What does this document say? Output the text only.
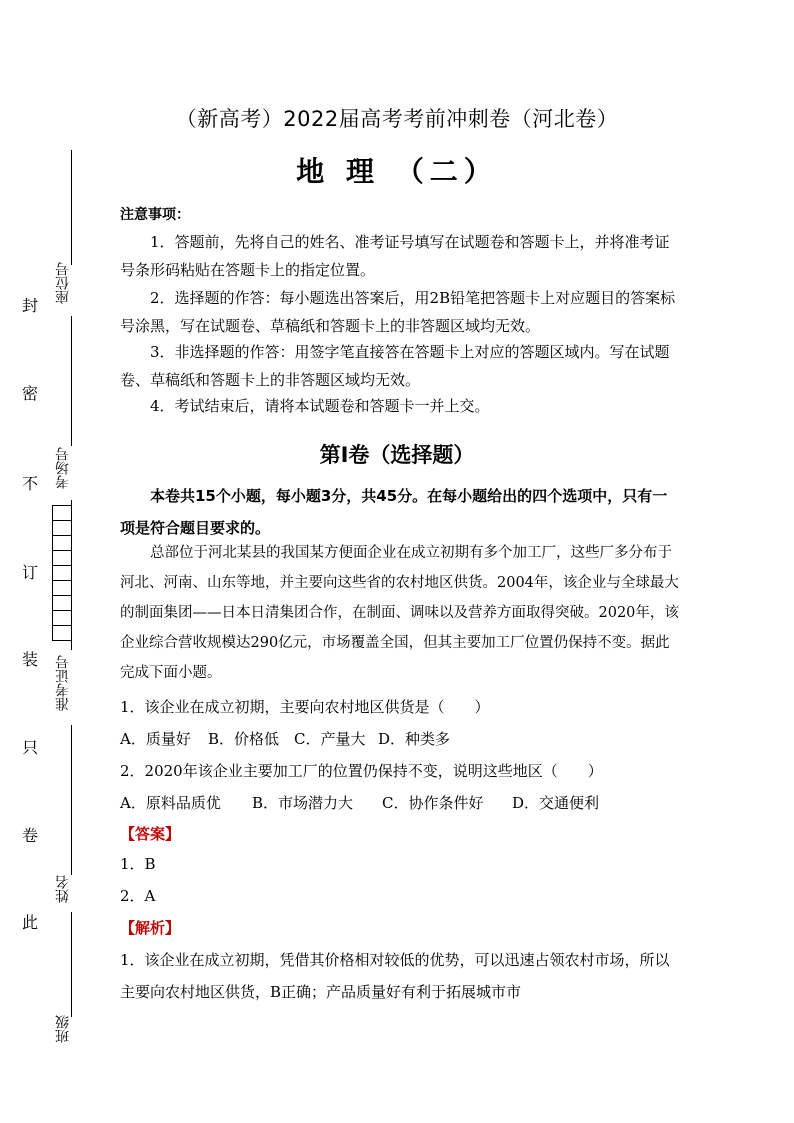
封
密
不
订
装
只
卷
此
座位号
考场号
准考证号
姓名
班级
（新高考）2022届高考考前冲刺卷（河北卷）
地 理 （二）
注意事项：
1．答题前，先将自己的姓名、准考证号填写在试题卷和答题卡上，并将准考证号条形码粘贴在答题卡上的指定位置。
2．选择题的作答：每小题选出答案后，用2B铅笔把答题卡上对应题目的答案标号涂黑，写在试题卷、草稿纸和答题卡上的非答题区域均无效。
3．非选择题的作答：用签字笔直接答在答题卡上对应的答题区域内。写在试题卷、草稿纸和答题卡上的非答题区域均无效。
4．考试结束后，请将本试题卷和答题卡一并上交。
第Ⅰ卷（选择题）
本卷共15个小题，每小题3分，共45分。在每小题给出的四个选项中，只有一项是符合题目要求的。
总部位于河北某县的我国某方便面企业在成立初期有多个加工厂，这些厂多分布于河北、河南、山东等地，并主要向这些省的农村地区供货。2004年，该企业与全球最大的制面集团——日本日清集团合作，在制面、调味以及营养方面取得突破。2020年，该企业综合营收规模达290亿元，市场覆盖全国，但其主要加工厂位置仍保持不变。据此完成下面小题。
1．该企业在成立初期，主要向农村地区供货是（　　）
A．质量好 B．价格低 C．产量大 D．种类多
2．2020年该企业主要加工厂的位置仍保持不变，说明这些地区（　　）
A．原料品质优 B．市场潜力大 C．协作条件好 D．交通便利
【答案】
1．B
2．A
【解析】
1．该企业在成立初期，凭借其价格相对较低的优势，可以迅速占领农村市场，所以主要向农村地区供货，B正确；产品质量好有利于拓展城市市
